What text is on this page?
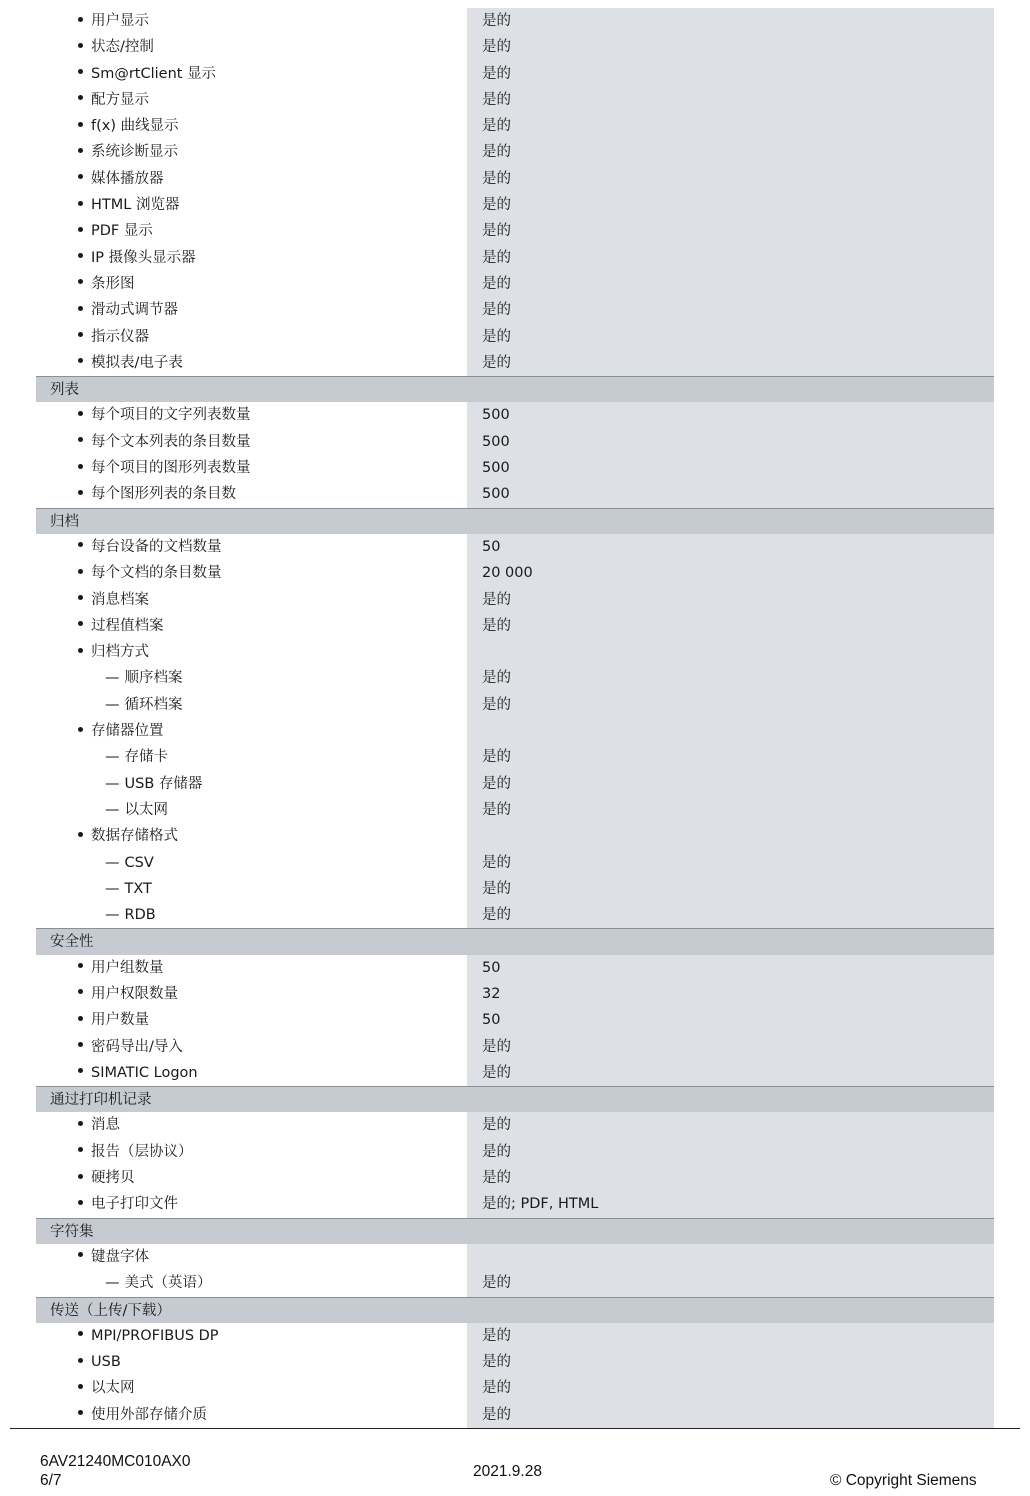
用户显示	是的
状态/控制	是的
Sm@rtClient 显示	是的
配方显示	是的
f(x) 曲线显示	是的
系统诊断显示	是的
媒体播放器	是的
HTML 浏览器	是的
PDF 显示	是的
IP 摄像头显示器	是的
条形图	是的
滑动式调节器	是的
指示仪器	是的
模拟表/电子表	是的
列表
每个项目的文字列表数量	500
每个文本列表的条目数量	500
每个项目的图形列表数量	500
每个图形列表的条目数	500
归档
每台设备的文档数量	50
每个文档的条目数量	20 000
消息档案	是的
过程值档案	是的
归档方式
— 顺序档案	是的
— 循环档案	是的
存储器位置
— 存储卡	是的
— USB 存储器	是的
— 以太网	是的
数据存储格式
— CSV	是的
— TXT	是的
— RDB	是的
安全性
用户组数量	50
用户权限数量	32
用户数量	50
密码导出/导入	是的
SIMATIC Logon	是的
通过打印机记录
消息	是的
报告（层协议）	是的
硬拷贝	是的
电子打印文件	是的; PDF, HTML
字符集
键盘字体
— 美式（英语）	是的
传送（上传/下载）
MPI/PROFIBUS DP	是的
USB	是的
以太网	是的
使用外部存储介质	是的
6AV21240MC010AX0
6/7
2021.9.28
© Copyright Siemens
